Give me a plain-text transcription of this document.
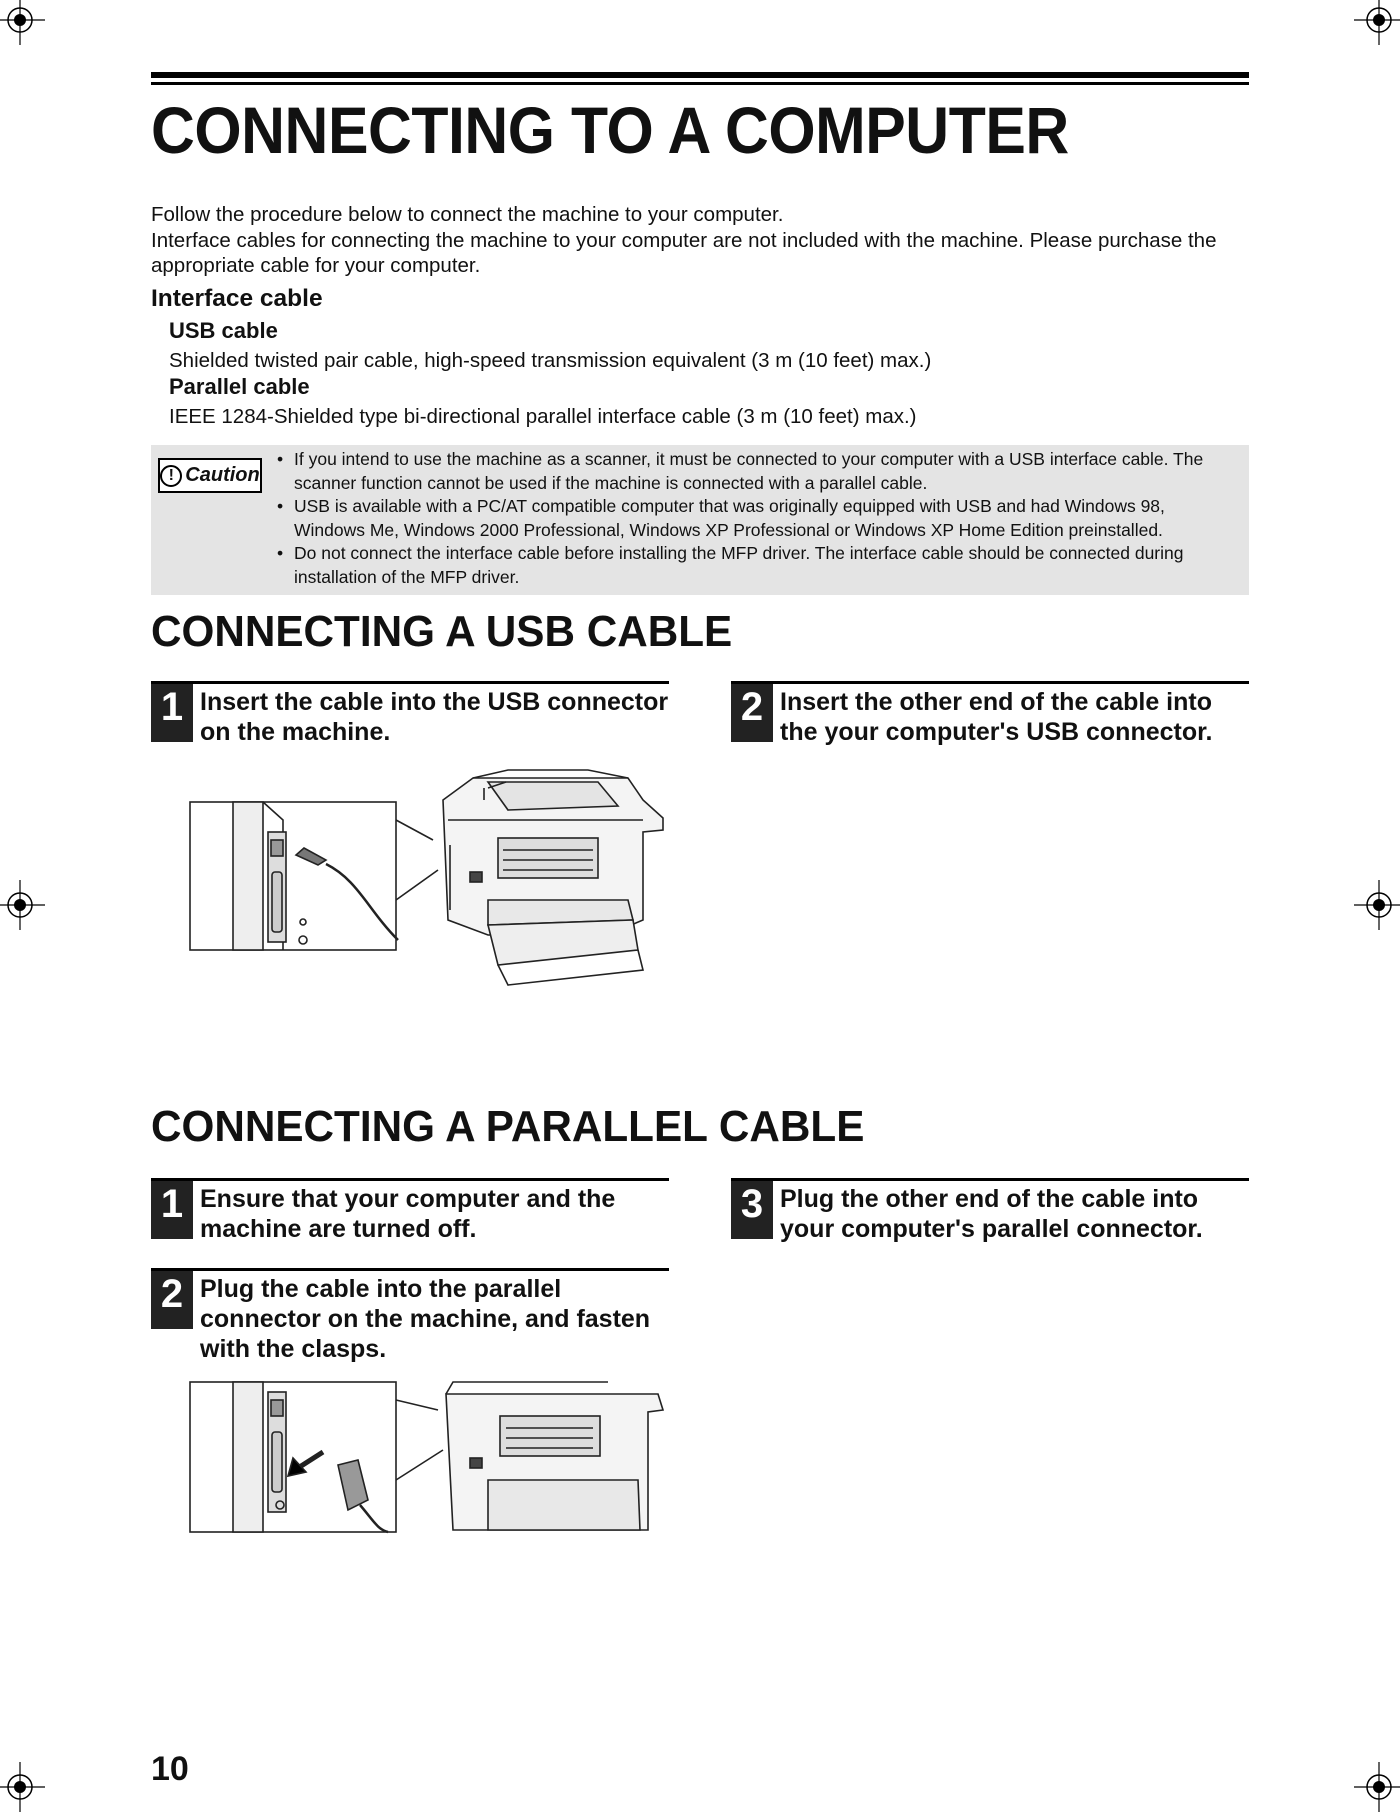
CONNECTING TO A COMPUTER

Follow the procedure below to connect the machine to your computer.

Interface cables for connecting the machine to your computer are not included with the machine. Please purchase the appropriate cable for your computer.

Interface cable
USB cable
Shielded twisted pair cable, high-speed transmission equivalent (3 m (10 feet) max.)
Parallel cable
IEEE 1284-Shielded type bi-directional parallel interface cable (3 m (10 feet) max.)
! Caution
• If you intend to use the machine as a scanner, it must be connected to your computer with a USB interface cable. The scanner function cannot be used if the machine is connected with a parallel cable.
• USB is available with a PC/AT compatible computer that was originally equipped with USB and had Windows 98, Windows Me, Windows 2000 Professional, Windows XP Professional or Windows XP Home Edition preinstalled.
• Do not connect the interface cable before installing the MFP driver. The interface cable should be connected during installation of the MFP driver.
CONNECTING A USB CABLE
1 Insert the cable into the USB connector on the machine.
2 Insert the other end of the cable into the your computer's USB connector.
CONNECTING A PARALLEL CABLE
1 Ensure that your computer and the machine are turned off.
3 Plug the other end of the cable into your computer's parallel connector.
2 Plug the cable into the parallel connector on the machine, and fasten with the clasps.
10
